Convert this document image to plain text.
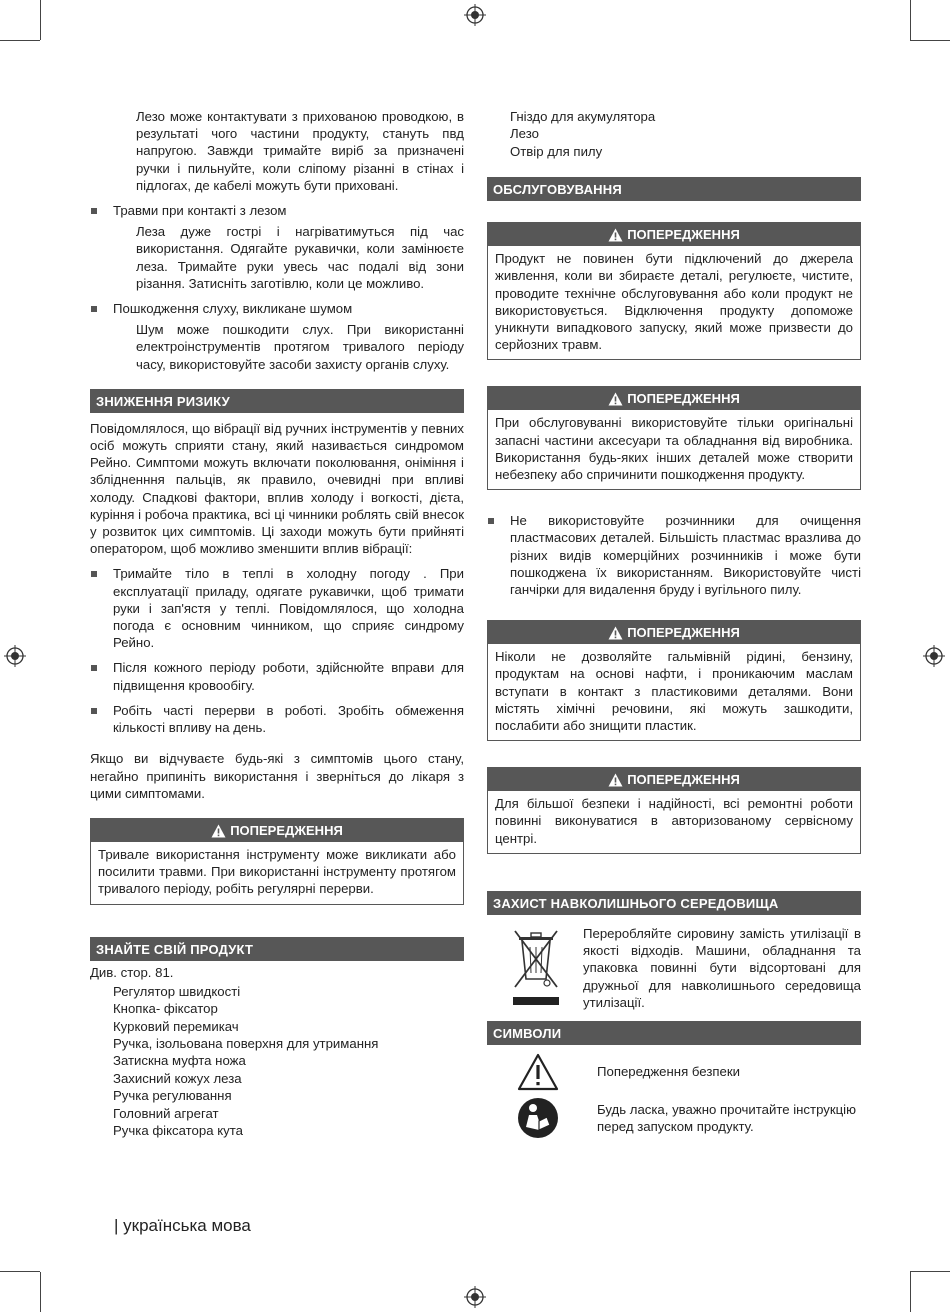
Лезо може контактувати з прихованою проводкою, в результаті чого частини продукту, стануть пвд напругою. Завжди тримайте виріб за призначені ручки і пильнуйте, коли сліпому різанні в стінах і підлогах, де кабелі можуть бути приховані.
Травми при контакті з лезом
Леза дуже гострі і нагріватимуться під час використання. Одягайте рукавички, коли замінюєте леза. Тримайте руки увесь час подалі від зони різання. Затисніть заготівлю, коли це можливо.
Пошкодження слуху, викликане шумом
Шум може пошкодити слух. При використанні електроінструментів протягом тривалого періоду часу, використовуйте засоби захисту органів слуху.
ЗНИЖЕННЯ РИЗИКУ
Повідомлялося, що вібрації від ручних інструментів у певних осіб можуть сприяти стану, який називається синдромом Рейно. Симптоми можуть включати поколювання, оніміння і зблідненння пальців, як правило, очевидні при впливі холоду. Спадкові фактори, вплив холоду і вогкості, дієта, куріння і робоча практика, всі ці чинники роблять свій внесок у розвиток цих симптомів. Ці заходи можуть бути прийняті оператором, щоб можливо зменшити вплив вібрації:
Тримайте тіло в теплі в холодну погоду . При експлуатації приладу, одягате рукавички, щоб тримати руки і зап'ястя у теплі. Повідомлялося, що холодна погода є основним чинником, що сприяє синдрому Рейно.
Після кожного періоду роботи, здійснюйте вправи для підвищення кровообігу.
Робіть часті перерви в роботі. Зробіть обмеження кількості впливу на день.
Якщо ви відчуваєте будь-які з симптомів цього стану, негайно припиніть використання і зверніться до лікаря з цими симптомами.
ПОПЕРЕДЖЕННЯ
Тривале використання інструменту може викликати або посилити травми. При використанні інструменту протягом тривалого періоду, робіть регулярні перерви.
ЗНАЙТЕ СВІЙ ПРОДУКТ
Див. стор. 81.
Регулятор швидкості
Кнопка- фіксатор
Курковий перемикач
Ручка, ізольована поверхня для утримання
Затискна муфта ножа
Захисний кожух леза
Ручка регулювання
Головний агрегат
Ручка фіксатора кута
Гніздо для акумулятора
Лезо
Отвір для пилу
ОБСЛУГОВУВАННЯ
ПОПЕРЕДЖЕННЯ
Продукт не повинен бути підключений до джерела живлення, коли ви збираєте деталі, регулюєте, чистите, проводите технічне обслуговування або коли продукт не використовується. Відключення продукту допоможе уникнути випадкового запуску, який може призвести до серйозних травм.
ПОПЕРЕДЖЕННЯ
При обслуговуванні використовуйте тільки оригінальні запасні частини аксесуари та обладнання від виробника. Використання будь-яких інших деталей може створити небезпеку або спричинити пошкодження продукту.
Не використовуйте розчинники для очищення пластмасових деталей. Більшість пластмас вразлива до різних видів комерційних розчинників і може бути пошкоджена їх використанням. Використовуйте чисті ганчірки для видалення бруду і вугільного пилу.
ПОПЕРЕДЖЕННЯ
Ніколи не дозволяйте гальмівній рідині, бензину, продуктам на основі нафти, і проникаючим маслам вступати в контакт з пластиковими деталями. Вони містять хімічні речовини, які можуть зашкодити, послабити або знищити пластик.
ПОПЕРЕДЖЕННЯ
Для більшої безпеки і надійності, всі ремонтні роботи повинні виконуватися в авторизованому сервісному центрі.
ЗАХИСТ НАВКОЛИШНЬОГО СЕРЕДОВИЩА
Переробляйте сировину замість утилізації в якості відходів. Машини, обладнання та упаковка повинні бути відсортовані для дружньої для навколишнього середовища утилізації.
СИМВОЛИ
Попередження безпеки
Будь ласка, уважно прочитайте інструкцію перед запуском продукту.
| українська мова
